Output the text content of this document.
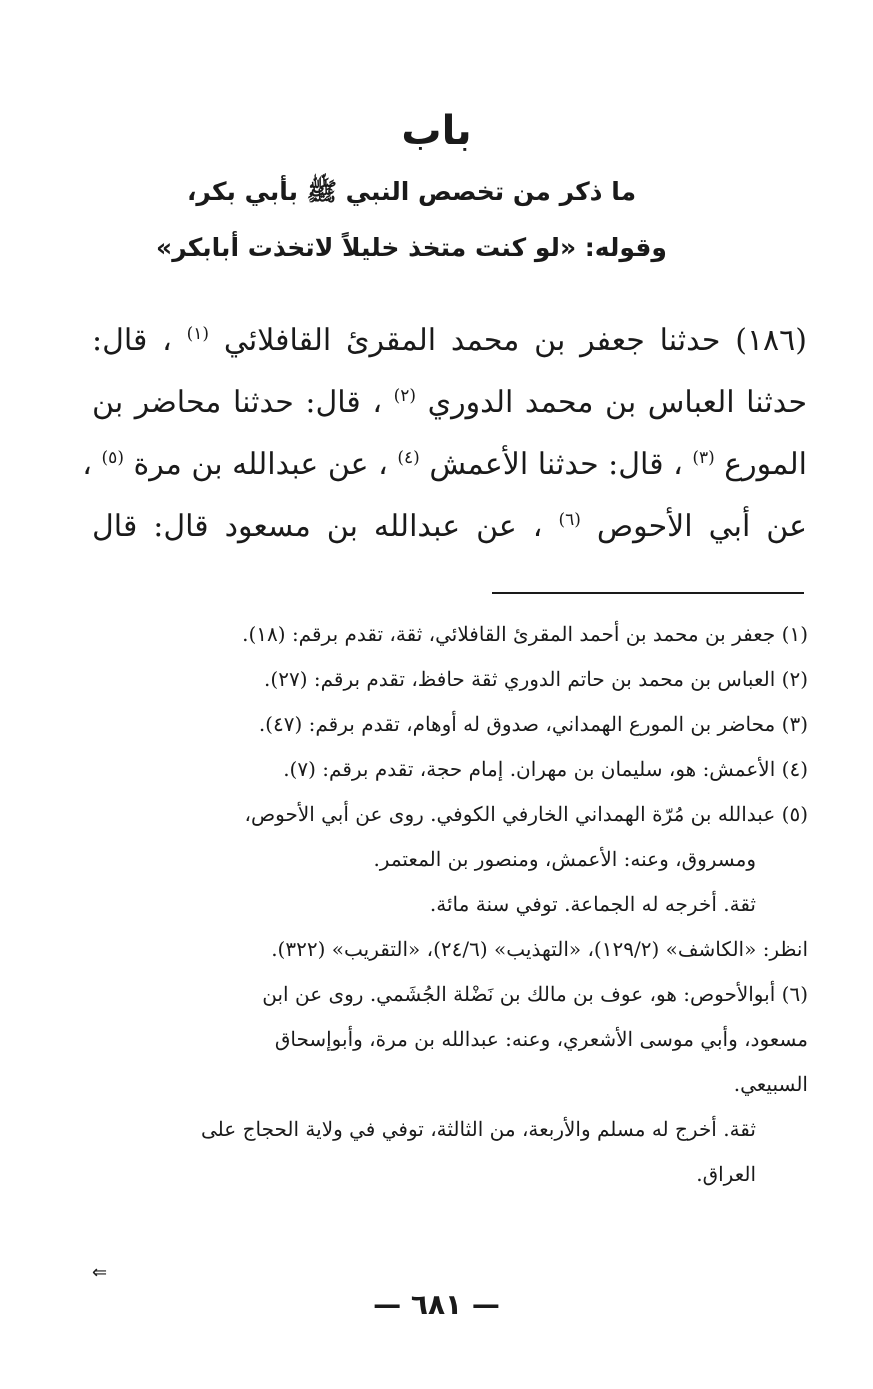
باب

ما ذكر من تخصص النبي ﷺ بأبي بكر،

وقوله: «لو كنت متخذ خليلاً لاتخذت أبابكر»

(١٨٦) حدثنا جعفر بن محمد المقرئ القافلائي $^{(١)}$ ، قال:
حدثنا العباس بن محمد الدوري $^{(٢)}$ ، قال: حدثنا محاضر بن
المورع $^{(٣)}$ ، قال: حدثنا الأعمش $^{(٤)}$ ، عن عبدالله بن مرة $^{(٥)}$ ،
عن أبي الأحوص $^{(٦)}$ ، عن عبدالله بن مسعود قال: قال
(١) جعفر بن محمد بن أحمد المقرئ القافلائي، ثقة، تقدم برقم: (١٨).
(٢) العباس بن محمد بن حاتم الدوري ثقة حافظ، تقدم برقم: (٢٧).
(٣) محاضر بن المورع الهمداني، صدوق له أوهام، تقدم برقم: (٤٧).
(٤) الأعمش: هو، سليمان بن مهران. إمام حجة، تقدم برقم: (٧).
(٥) عبدالله بن مُرّة الهمداني الخارفي الكوفي. روى عن أبي الأحوص،
ومسروق، وعنه: الأعمش، ومنصور بن المعتمر.
ثقة. أخرجه له الجماعة. توفي سنة مائة.
انظر: «الكاشف» (١٢٩/٢)، «التهذيب» (٢٤/٦)، «التقريب» (٣٢٢).
(٦) أبوالأحوص: هو، عوف بن مالك بن نَضْلة الجُشَمي. روى عن ابن
مسعود، وأبي موسى الأشعري، وعنه: عبدالله بن مرة، وأبوإسحاق
السبيعي.
ثقة. أخرج له مسلم والأربعة، من الثالثة، توفي في ولاية الحجاج على
العراق.
⇐
— ٦٨١ —
